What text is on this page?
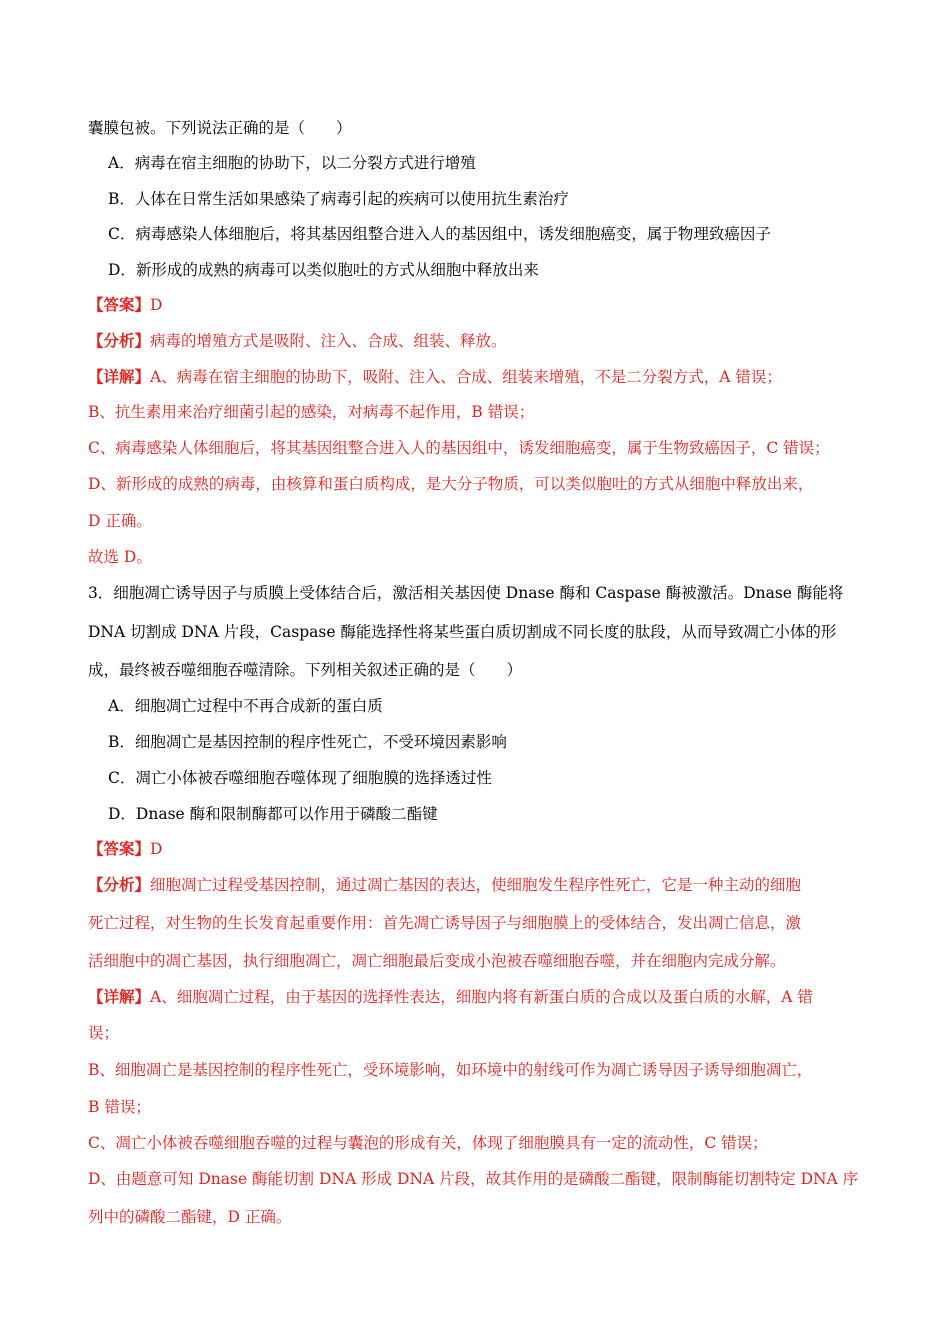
囊膜包被。下列说法正确的是（　　）
A．病毒在宿主细胞的协助下，以二分裂方式进行增殖
B．人体在日常生活如果感染了病毒引起的疾病可以使用抗生素治疗
C．病毒感染人体细胞后，将其基因组整合进入人的基因组中，诱发细胞癌变，属于物理致癌因子
D．新形成的成熟的病毒可以类似胞吐的方式从细胞中释放出来
【答案】D
【分析】病毒的增殖方式是吸附、注入、合成、组装、释放。
【详解】A、病毒在宿主细胞的协助下，吸附、注入、合成、组装来增殖，不是二分裂方式，A 错误；
B、抗生素用来治疗细菌引起的感染，对病毒不起作用，B 错误；
C、病毒感染人体细胞后，将其基因组整合进入人的基因组中，诱发细胞癌变，属于生物致癌因子，C 错误；
D、新形成的成熟的病毒，由核算和蛋白质构成，是大分子物质，可以类似胞吐的方式从细胞中释放出来，
D 正确。
故选 D。
3．细胞凋亡诱导因子与质膜上受体结合后，激活相关基因使 Dnase 酶和 Caspase 酶被激活。Dnase 酶能将
DNA 切割成 DNA 片段，Caspase 酶能选择性将某些蛋白质切割成不同长度的肽段，从而导致凋亡小体的形
成，最终被吞噬细胞吞噬清除。下列相关叙述正确的是（　　）
A．细胞凋亡过程中不再合成新的蛋白质
B．细胞凋亡是基因控制的程序性死亡，不受环境因素影响
C．凋亡小体被吞噬细胞吞噬体现了细胞膜的选择透过性
D．Dnase 酶和限制酶都可以作用于磷酸二酯键
【答案】D
【分析】细胞凋亡过程受基因控制，通过凋亡基因的表达，使细胞发生程序性死亡，它是一种主动的细胞
死亡过程，对生物的生长发育起重要作用：首先凋亡诱导因子与细胞膜上的受体结合，发出凋亡信息，激
活细胞中的凋亡基因，执行细胞凋亡，凋亡细胞最后变成小泡被吞噬细胞吞噬，并在细胞内完成分解。
【详解】A、细胞凋亡过程，由于基因的选择性表达，细胞内将有新蛋白质的合成以及蛋白质的水解，A 错
误；
B、细胞凋亡是基因控制的程序性死亡，受环境影响，如环境中的射线可作为凋亡诱导因子诱导细胞凋亡，
B 错误；
C、凋亡小体被吞噬细胞吞噬的过程与囊泡的形成有关，体现了细胞膜具有一定的流动性，C 错误；
D、由题意可知 Dnase 酶能切割 DNA 形成 DNA 片段，故其作用的是磷酸二酯键，限制酶能切割特定 DNA 序
列中的磷酸二酯键，D 正确。
